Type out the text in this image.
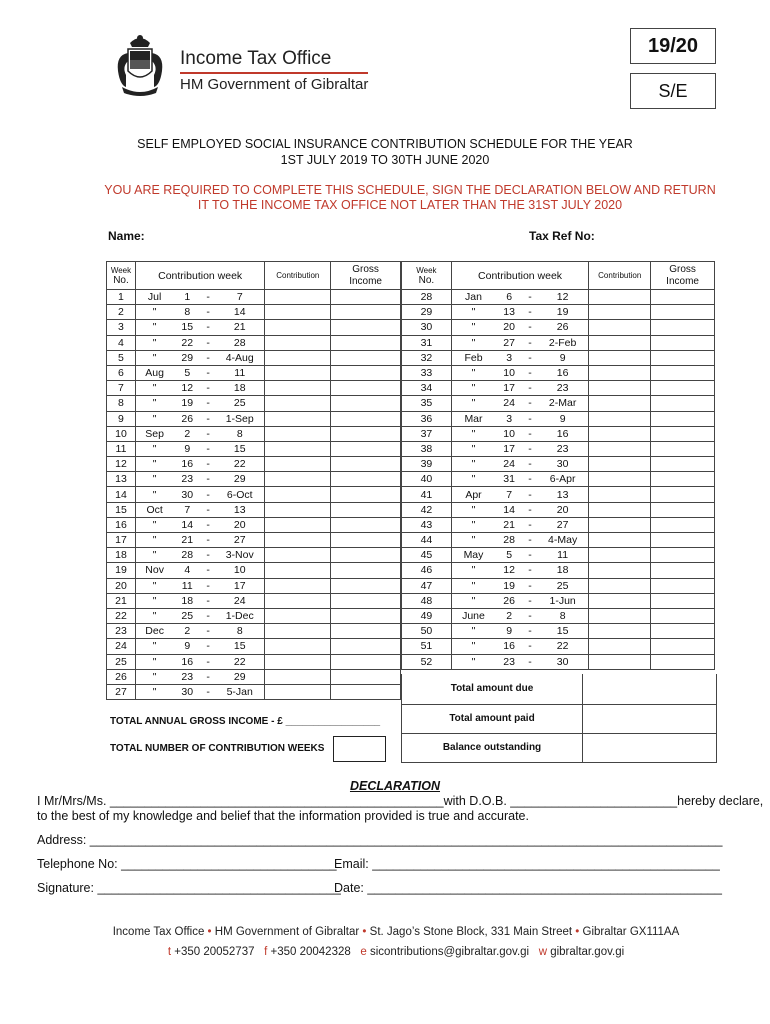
Income Tax Office
HM Government of Gibraltar
19/20
S/E
SELF EMPLOYED SOCIAL INSURANCE CONTRIBUTION SCHEDULE FOR THE YEAR
1ST JULY 2019 TO 30TH JUNE 2020
YOU ARE REQUIRED TO COMPLETE THIS SCHEDULE, SIGN THE DECLARATION BELOW AND RETURN
IT TO THE INCOME TAX OFFICE NOT LATER THAN THE 31ST JULY 2020
Name:	Tax Ref No:
Week
No.	Contribution week				Contribution	Gross
Income
1	Jul	1	-	7		
2	"	8	-	14		
3	"	15	-	21		
4	"	22	-	28		
5	"	29	-	4-Aug		
6	Aug	5	-	11		
7	"	12	-	18		
8	"	19	-	25		
9	"	26	-	1-Sep		
10	Sep	2	-	8		
11	"	9	-	15		
12	"	16	-	22		
13	"	23	-	29		
14	"	30	-	6-Oct		
15	Oct	7	-	13		
16	"	14	-	20		
17	"	21	-	27		
18	"	28	-	3-Nov		
19	Nov	4	-	10		
20	"	11	-	17		
21	"	18	-	24		
22	"	25	-	1-Dec		
23	Dec	2	-	8		
24	"	9	-	15		
25	"	16	-	22		
26	"	23	-	29		
27	"	30	-	5-Jan		
Week
No.	Contribution week				Contribution	Gross
Income
28	Jan	6	-	12		
29	"	13	-	19		
30	"	20	-	26		
31	"	27	-	2-Feb		
32	Feb	3	-	9		
33	"	10	-	16		
34	"	17	-	23		
35	"	24	-	2-Mar		
36	Mar	3	-	9		
37	"	10	-	16		
38	"	17	-	23		
39	"	24	-	30		
40	"	31	-	6-Apr		
41	Apr	7	-	13		
42	"	14	-	20		
43	"	21	-	27		
44	"	28	-	4-May		
45	May	5	-	11		
46	"	12	-	18		
47	"	19	-	25		
48	"	26	-	1-Jun		
49	June	2	-	8		
50	"	9	-	15		
51	"	16	-	22		
52	"	23	-	30		
Total amount due
Total amount paid
Balance outstanding
TOTAL ANNUAL GROSS INCOME - £ _________________
TOTAL NUMBER OF CONTRIBUTION WEEKS
DECLARATION
I Mr/Mrs/Ms. ________________________________________________with D.O.B. ________________________hereby declare,
to the best of my knowledge and belief that the information provided is true and accurate.
Address: ___________________________________________________________________________________________
Telephone No: _______________________________
Email: __________________________________________________
Signature: ___________________________________
Date: ___________________________________________________
Income Tax Office • HM Government of Gibraltar • St. Jago’s Stone Block, 331 Main Street • Gibraltar GX111AA
t +350 20052737 f +350 20042328 e sicontributions@gibraltar.gov.gi w gibraltar.gov.gi
